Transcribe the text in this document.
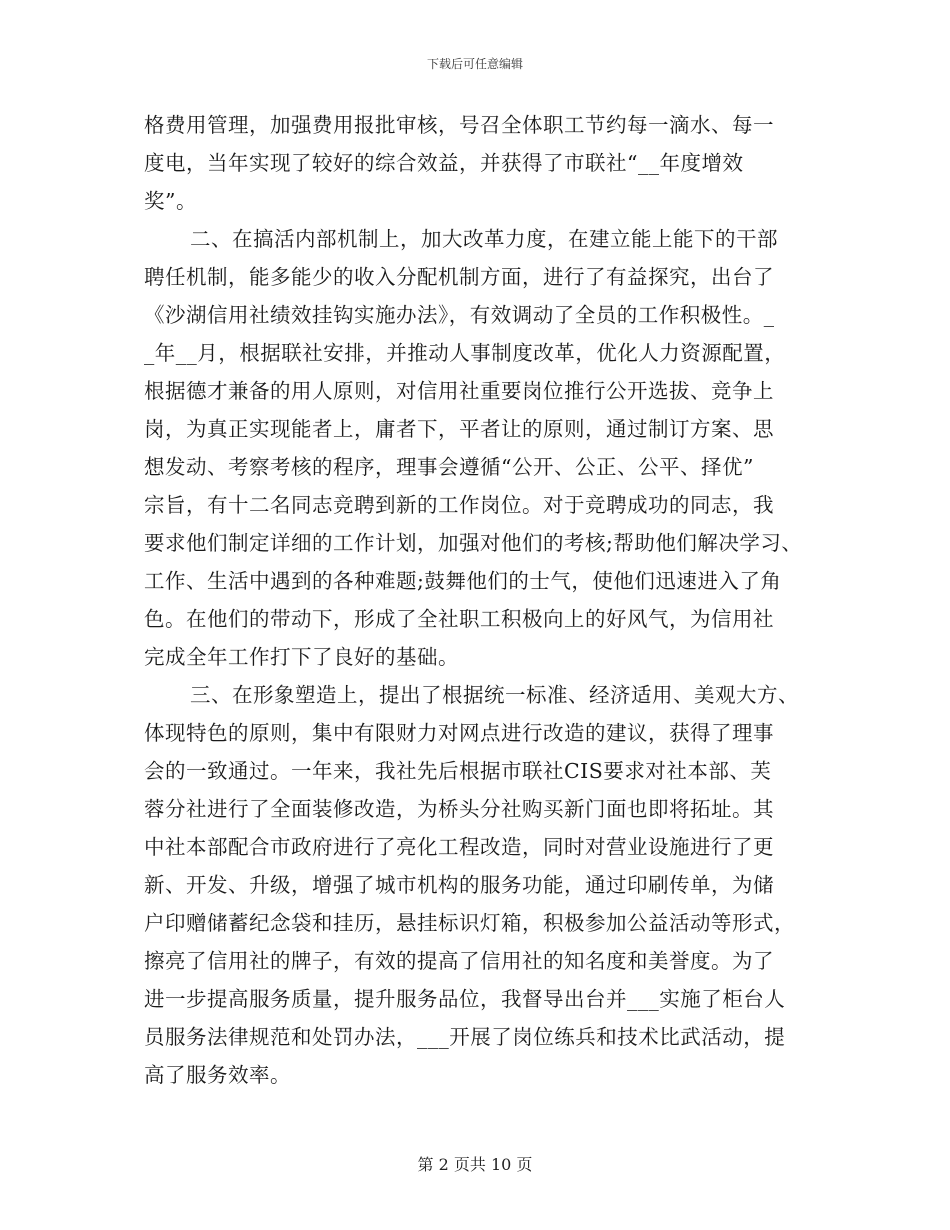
下载后可任意编辑
格费用管理，加强费用报批审核，号召全体职工节约每一滴水、每一
度电，当年实现了较好的综合效益，并获得了市联社“__年度增效
奖”。
二、在搞活内部机制上，加大改革力度，在建立能上能下的干部
聘任机制，能多能少的收入分配机制方面，进行了有益探究，出台了
《沙湖信用社绩效挂钩实施办法》，有效调动了全员的工作积极性。_
_年__月，根据联社安排，并推动人事制度改革，优化人力资源配置，
根据德才兼备的用人原则，对信用社重要岗位推行公开选拔、竞争上
岗，为真正实现能者上，庸者下，平者让的原则，通过制订方案、思
想发动、考察考核的程序，理事会遵循“公开、公正、公平、择优”
宗旨，有十二名同志竞聘到新的工作岗位。对于竞聘成功的同志，我
要求他们制定详细的工作计划，加强对他们的考核;帮助他们解决学习、
工作、生活中遇到的各种难题;鼓舞他们的士气，使他们迅速进入了角
色。在他们的带动下，形成了全社职工积极向上的好风气，为信用社
完成全年工作打下了良好的基础。
三、在形象塑造上，提出了根据统一标准、经济适用、美观大方、
体现特色的原则，集中有限财力对网点进行改造的建议，获得了理事
会的一致通过。一年来，我社先后根据市联社CIS要求对社本部、芙
蓉分社进行了全面装修改造，为桥头分社购买新门面也即将拓址。其
中社本部配合市政府进行了亮化工程改造，同时对营业设施进行了更
新、开发、升级，增强了城市机构的服务功能，通过印刷传单，为储
户印赠储蓄纪念袋和挂历，悬挂标识灯箱，积极参加公益活动等形式，
擦亮了信用社的牌子，有效的提高了信用社的知名度和美誉度。为了
进一步提高服务质量，提升服务品位，我督导出台并___实施了柜台人
员服务法律规范和处罚办法，___开展了岗位练兵和技术比武活动，提
高了服务效率。
第 2 页共 10 页
